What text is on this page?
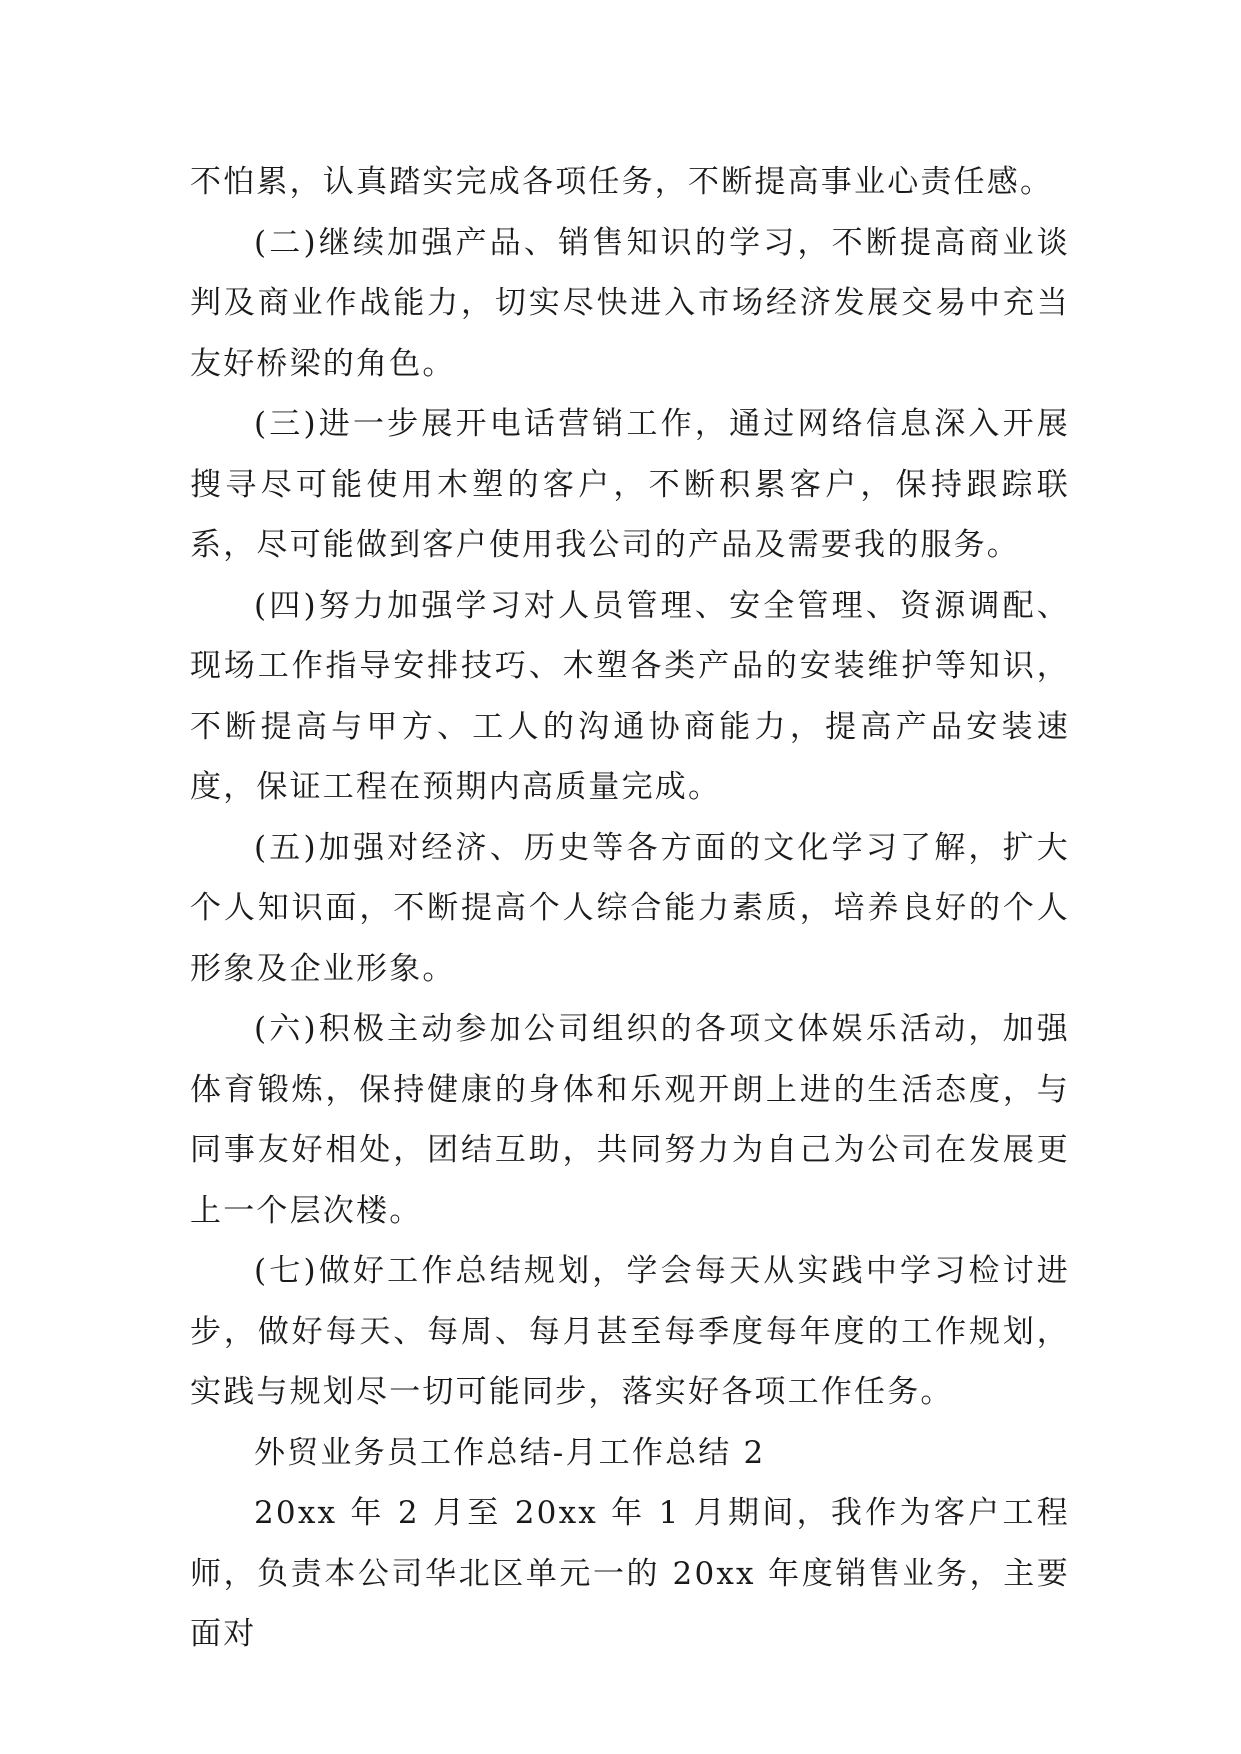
不怕累，认真踏实完成各项任务，不断提高事业心责任感。

(二)继续加强产品、销售知识的学习，不断提高商业谈判及商业作战能力，切实尽快进入市场经济发展交易中充当友好桥梁的角色。

(三)进一步展开电话营销工作，通过网络信息深入开展搜寻尽可能使用木塑的客户，不断积累客户，保持跟踪联系，尽可能做到客户使用我公司的产品及需要我的服务。

(四)努力加强学习对人员管理、安全管理、资源调配、现场工作指导安排技巧、木塑各类产品的安装维护等知识，不断提高与甲方、工人的沟通协商能力，提高产品安装速度，保证工程在预期内高质量完成。

(五)加强对经济、历史等各方面的文化学习了解，扩大个人知识面，不断提高个人综合能力素质，培养良好的个人形象及企业形象。

(六)积极主动参加公司组织的各项文体娱乐活动，加强体育锻炼，保持健康的身体和乐观开朗上进的生活态度，与同事友好相处，团结互助，共同努力为自己为公司在发展更上一个层次楼。

(七)做好工作总结规划，学会每天从实践中学习检讨进步，做好每天、每周、每月甚至每季度每年度的工作规划，实践与规划尽一切可能同步，落实好各项工作任务。

外贸业务员工作总结-月工作总结 2

20xx 年 2 月至 20xx 年 1 月期间，我作为客户工程师，负责本公司华北区单元一的 20xx 年度销售业务，主要面对
